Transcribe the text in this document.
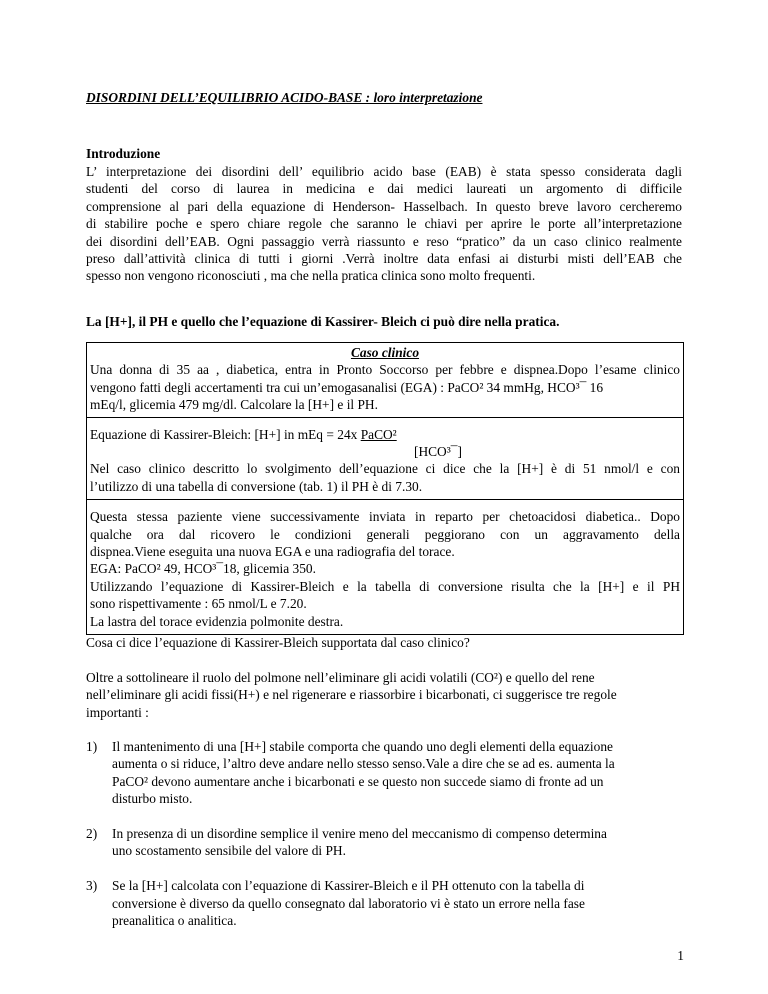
DISORDINI DELL’EQUILIBRIO ACIDO-BASE : loro interpretazione
Introduzione
L’ interpretazione dei disordini dell’ equilibrio acido base (EAB) è stata spesso considerata dagli
studenti del corso di laurea in medicina e dai medici laureati un argomento di difficile
comprensione al pari della equazione di Henderson- Hasselbach. In questo breve lavoro cercheremo
di stabilire poche e spero chiare regole che saranno le chiavi per aprire le porte all’interpretazione
dei disordini dell’EAB. Ogni passaggio verrà riassunto e reso “pratico” da un caso clinico realmente
preso dall’attività clinica di tutti i giorni .Verrà inoltre data enfasi ai disturbi misti dell’EAB che
spesso non vengono riconosciuti , ma che nella pratica clinica sono molto frequenti.
La [H+], il PH e quello che l’equazione di Kassirer- Bleich ci può dire nella pratica.
Caso clinico
Una donna di 35 aa , diabetica, entra in Pronto Soccorso per febbre e dispnea.Dopo l’esame clinico
vengono fatti degli accertamenti tra cui un’emogasanalisi (EGA) : PaCO² 34 mmHg, HCO³¯ 16
mEq/l, glicemia 479 mg/dl. Calcolare la [H+] e il PH.
Equazione di Kassirer-Bleich: [H+] in mEq = 24x PaCO²
[HCO³¯]
Nel caso clinico descritto lo svolgimento dell’equazione ci dice che la [H+] è di 51 nmol/l e con
l’utilizzo di una tabella di conversione (tab. 1) il PH è di 7.30.
Questa stessa paziente viene successivamente inviata in reparto per chetoacidosi diabetica.. Dopo
qualche ora dal ricovero le condizioni generali peggiorano con un aggravamento della
dispnea.Viene eseguita una nuova EGA e una radiografia del torace.
EGA: PaCO² 49, HCO³¯18, glicemia 350.
Utilizzando l’equazione di Kassirer-Bleich e la tabella di conversione risulta che la [H+] e il PH
sono rispettivamente : 65 nmol/L e 7.20.
La lastra del torace evidenzia polmonite destra.
Cosa ci dice l’equazione di Kassirer-Bleich supportata dal caso clinico?
Oltre a sottolineare il ruolo del polmone nell’eliminare gli acidi volatili (CO²) e quello del rene
nell’eliminare gli acidi fissi(H+) e nel rigenerare e riassorbire i bicarbonati, ci suggerisce tre regole
importanti :
1) Il mantenimento di una [H+] stabile comporta che quando uno degli elementi della equazione
aumenta o si riduce, l’altro deve andare nello stesso senso.Vale a dire che se ad es. aumenta la
PaCO² devono aumentare anche i bicarbonati e se questo non succede siamo di fronte ad un
disturbo misto.
2) In presenza di un disordine semplice il venire meno del meccanismo di compenso determina
uno scostamento sensibile del valore di PH.
3) Se la [H+] calcolata con l’equazione di Kassirer-Bleich e il PH ottenuto con la tabella di
conversione è diverso da quello consegnato dal laboratorio vi è stato un errore nella fase
preanalitica o analitica.
1
